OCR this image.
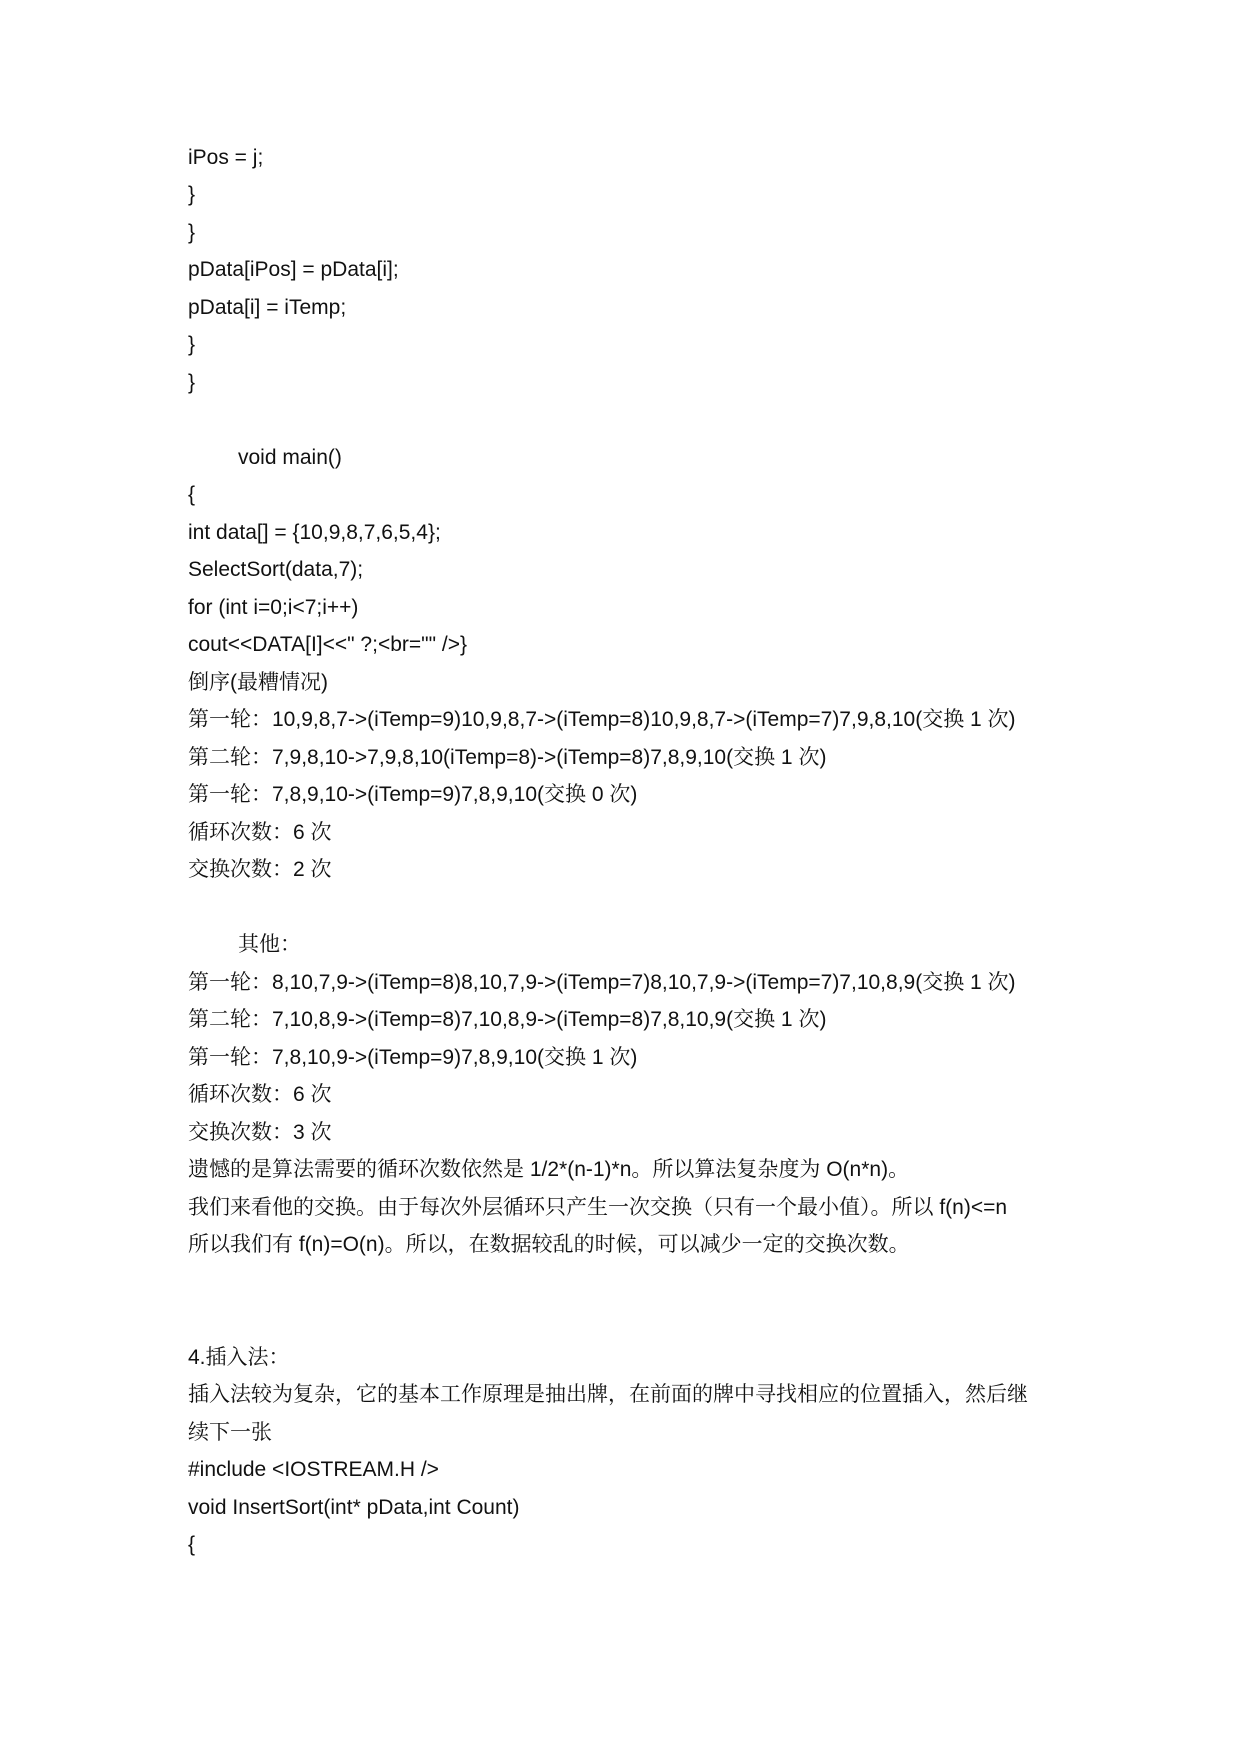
iPos = j;

}

}

pData[iPos] = pData[i];

pData[i] = iTemp;

}

}

void main()

{

int data[] = {10,9,8,7,6,5,4};

SelectSort(data,7);

for (int i=0;i<7;i++)

cout<<DATA[I]<<" ?;<br="" />}

倒序(最糟情况)

第一轮：10,9,8,7->(iTemp=9)10,9,8,7->(iTemp=8)10,9,8,7->(iTemp=7)7,9,8,10(交换 1 次)

第二轮：7,9,8,10->7,9,8,10(iTemp=8)->(iTemp=8)7,8,9,10(交换 1 次)

第一轮：7,8,9,10->(iTemp=9)7,8,9,10(交换 0 次)

循环次数：6 次

交换次数：2 次

其他：

第一轮：8,10,7,9->(iTemp=8)8,10,7,9->(iTemp=7)8,10,7,9->(iTemp=7)7,10,8,9(交换 1 次)

第二轮：7,10,8,9->(iTemp=8)7,10,8,9->(iTemp=8)7,8,10,9(交换 1 次)

第一轮：7,8,10,9->(iTemp=9)7,8,9,10(交换 1 次)

循环次数：6 次

交换次数：3 次

遗憾的是算法需要的循环次数依然是 1/2*(n-1)*n。所以算法复杂度为 O(n*n)。

我们来看他的交换。由于每次外层循环只产生一次交换（只有一个最小值）。所以 f(n)<=n

所以我们有 f(n)=O(n)。所以，在数据较乱的时候，可以减少一定的交换次数。

4.插入法：

插入法较为复杂，它的基本工作原理是抽出牌，在前面的牌中寻找相应的位置插入，然后继

续下一张

#include <IOSTREAM.H />

void InsertSort(int* pData,int Count)

{
